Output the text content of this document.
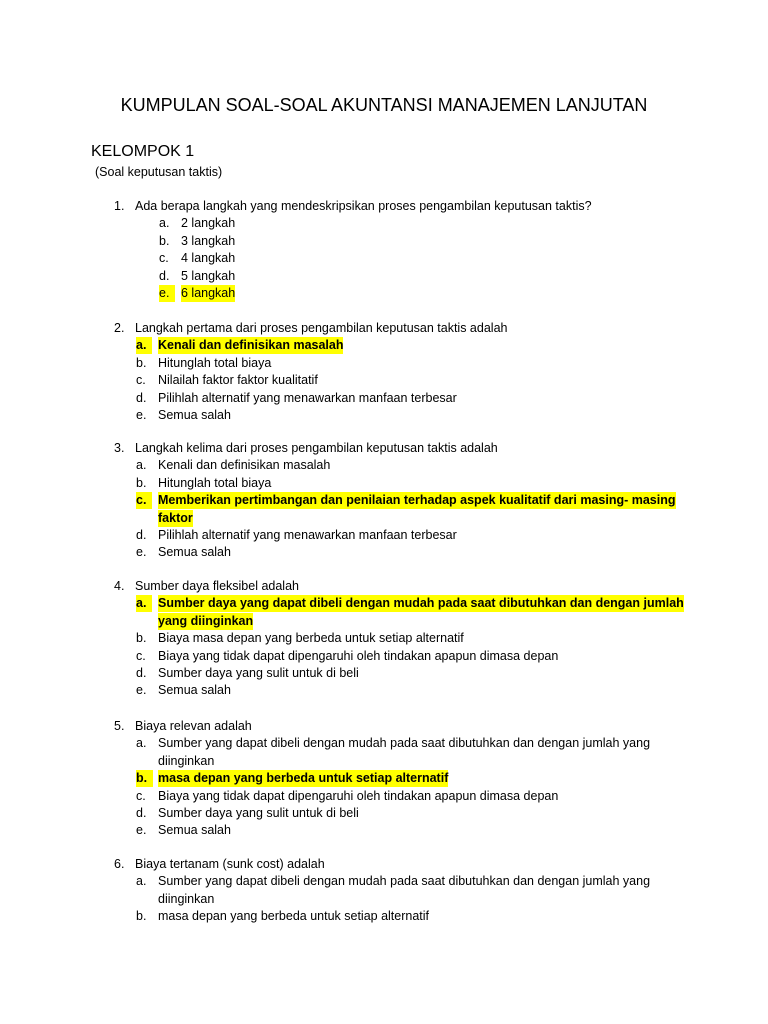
KUMPULAN SOAL-SOAL AKUNTANSI MANAJEMEN LANJUTAN
KELOMPOK 1
(Soal keputusan taktis)
1. Ada berapa langkah yang mendeskripsikan proses pengambilan keputusan taktis?
a. 2 langkah
b. 3 langkah
c. 4 langkah
d. 5 langkah
e. 6 langkah
2. Langkah pertama dari proses pengambilan keputusan taktis adalah
a. Kenali dan definisikan masalah
b. Hitunglah total biaya
c. Nilailah faktor faktor kualitatif
d. Pilihlah alternatif yang menawarkan manfaan terbesar
e. Semua salah
3. Langkah kelima dari proses pengambilan keputusan taktis adalah
a. Kenali dan definisikan masalah
b. Hitunglah total biaya
c. Memberikan pertimbangan dan penilaian terhadap aspek kualitatif dari masing- masing
faktor
d. Pilihlah alternatif yang menawarkan manfaan terbesar
e. Semua salah
4. Sumber daya fleksibel adalah
a. Sumber daya yang dapat dibeli dengan mudah pada saat dibutuhkan dan dengan jumlah
yang diinginkan
b. Biaya masa depan yang berbeda untuk setiap alternatif
c. Biaya yang tidak dapat dipengaruhi oleh tindakan apapun dimasa depan
d. Sumber daya yang sulit untuk di beli
e. Semua salah
5. Biaya relevan adalah
a. Sumber yang dapat dibeli dengan mudah pada saat dibutuhkan dan dengan jumlah yang
diinginkan
b. masa depan yang berbeda untuk setiap alternatif
c. Biaya yang tidak dapat dipengaruhi oleh tindakan apapun dimasa depan
d. Sumber daya yang sulit untuk di beli
e. Semua salah
6. Biaya tertanam (sunk cost) adalah
a. Sumber yang dapat dibeli dengan mudah pada saat dibutuhkan dan dengan jumlah yang
diinginkan
b. masa depan yang berbeda untuk setiap alternatif
